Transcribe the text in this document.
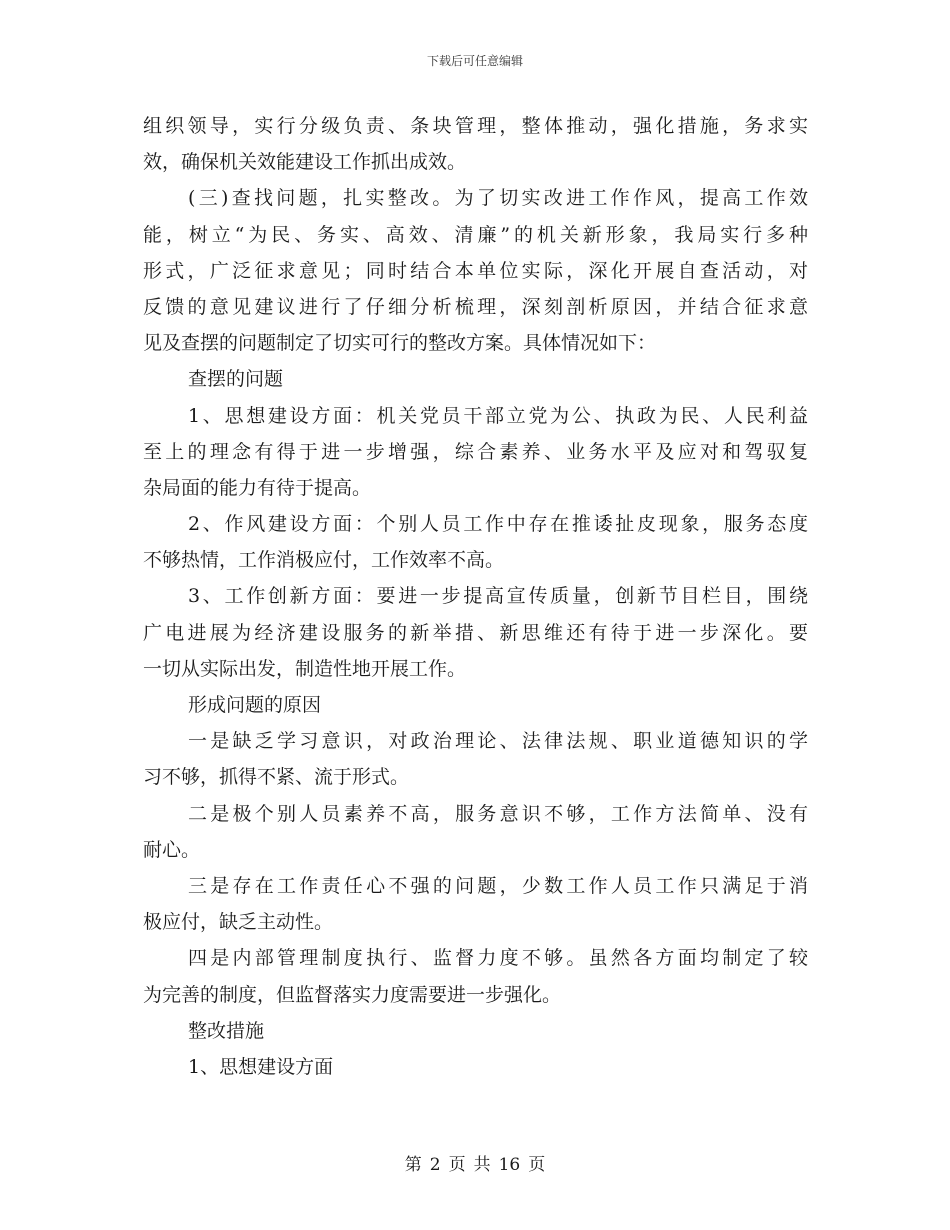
下载后可任意编辑
组织领导，实行分级负责、条块管理，整体推动，强化措施，务求实
效，确保机关效能建设工作抓出成效。
(三)查找问题，扎实整改。为了切实改进工作作风，提高工作效
能，树立“为民、务实、高效、清廉”的机关新形象，我局实行多种
形式，广泛征求意见；同时结合本单位实际，深化开展自查活动，对
反馈的意见建议进行了仔细分析梳理，深刻剖析原因，并结合征求意
见及查摆的问题制定了切实可行的整改方案。具体情况如下：
查摆的问题
1、思想建设方面：机关党员干部立党为公、执政为民、人民利益
至上的理念有得于进一步增强，综合素养、业务水平及应对和驾驭复
杂局面的能力有待于提高。
2、作风建设方面：个别人员工作中存在推诿扯皮现象，服务态度
不够热情，工作消极应付，工作效率不高。
3、工作创新方面：要进一步提高宣传质量，创新节目栏目，围绕
广电进展为经济建设服务的新举措、新思维还有待于进一步深化。要
一切从实际出发，制造性地开展工作。
形成问题的原因
一是缺乏学习意识，对政治理论、法律法规、职业道德知识的学
习不够，抓得不紧、流于形式。
二是极个别人员素养不高，服务意识不够，工作方法简单、没有
耐心。
三是存在工作责任心不强的问题，少数工作人员工作只满足于消
极应付，缺乏主动性。
四是内部管理制度执行、监督力度不够。虽然各方面均制定了较
为完善的制度，但监督落实力度需要进一步强化。
整改措施
1、思想建设方面
第 2 页 共 16 页
